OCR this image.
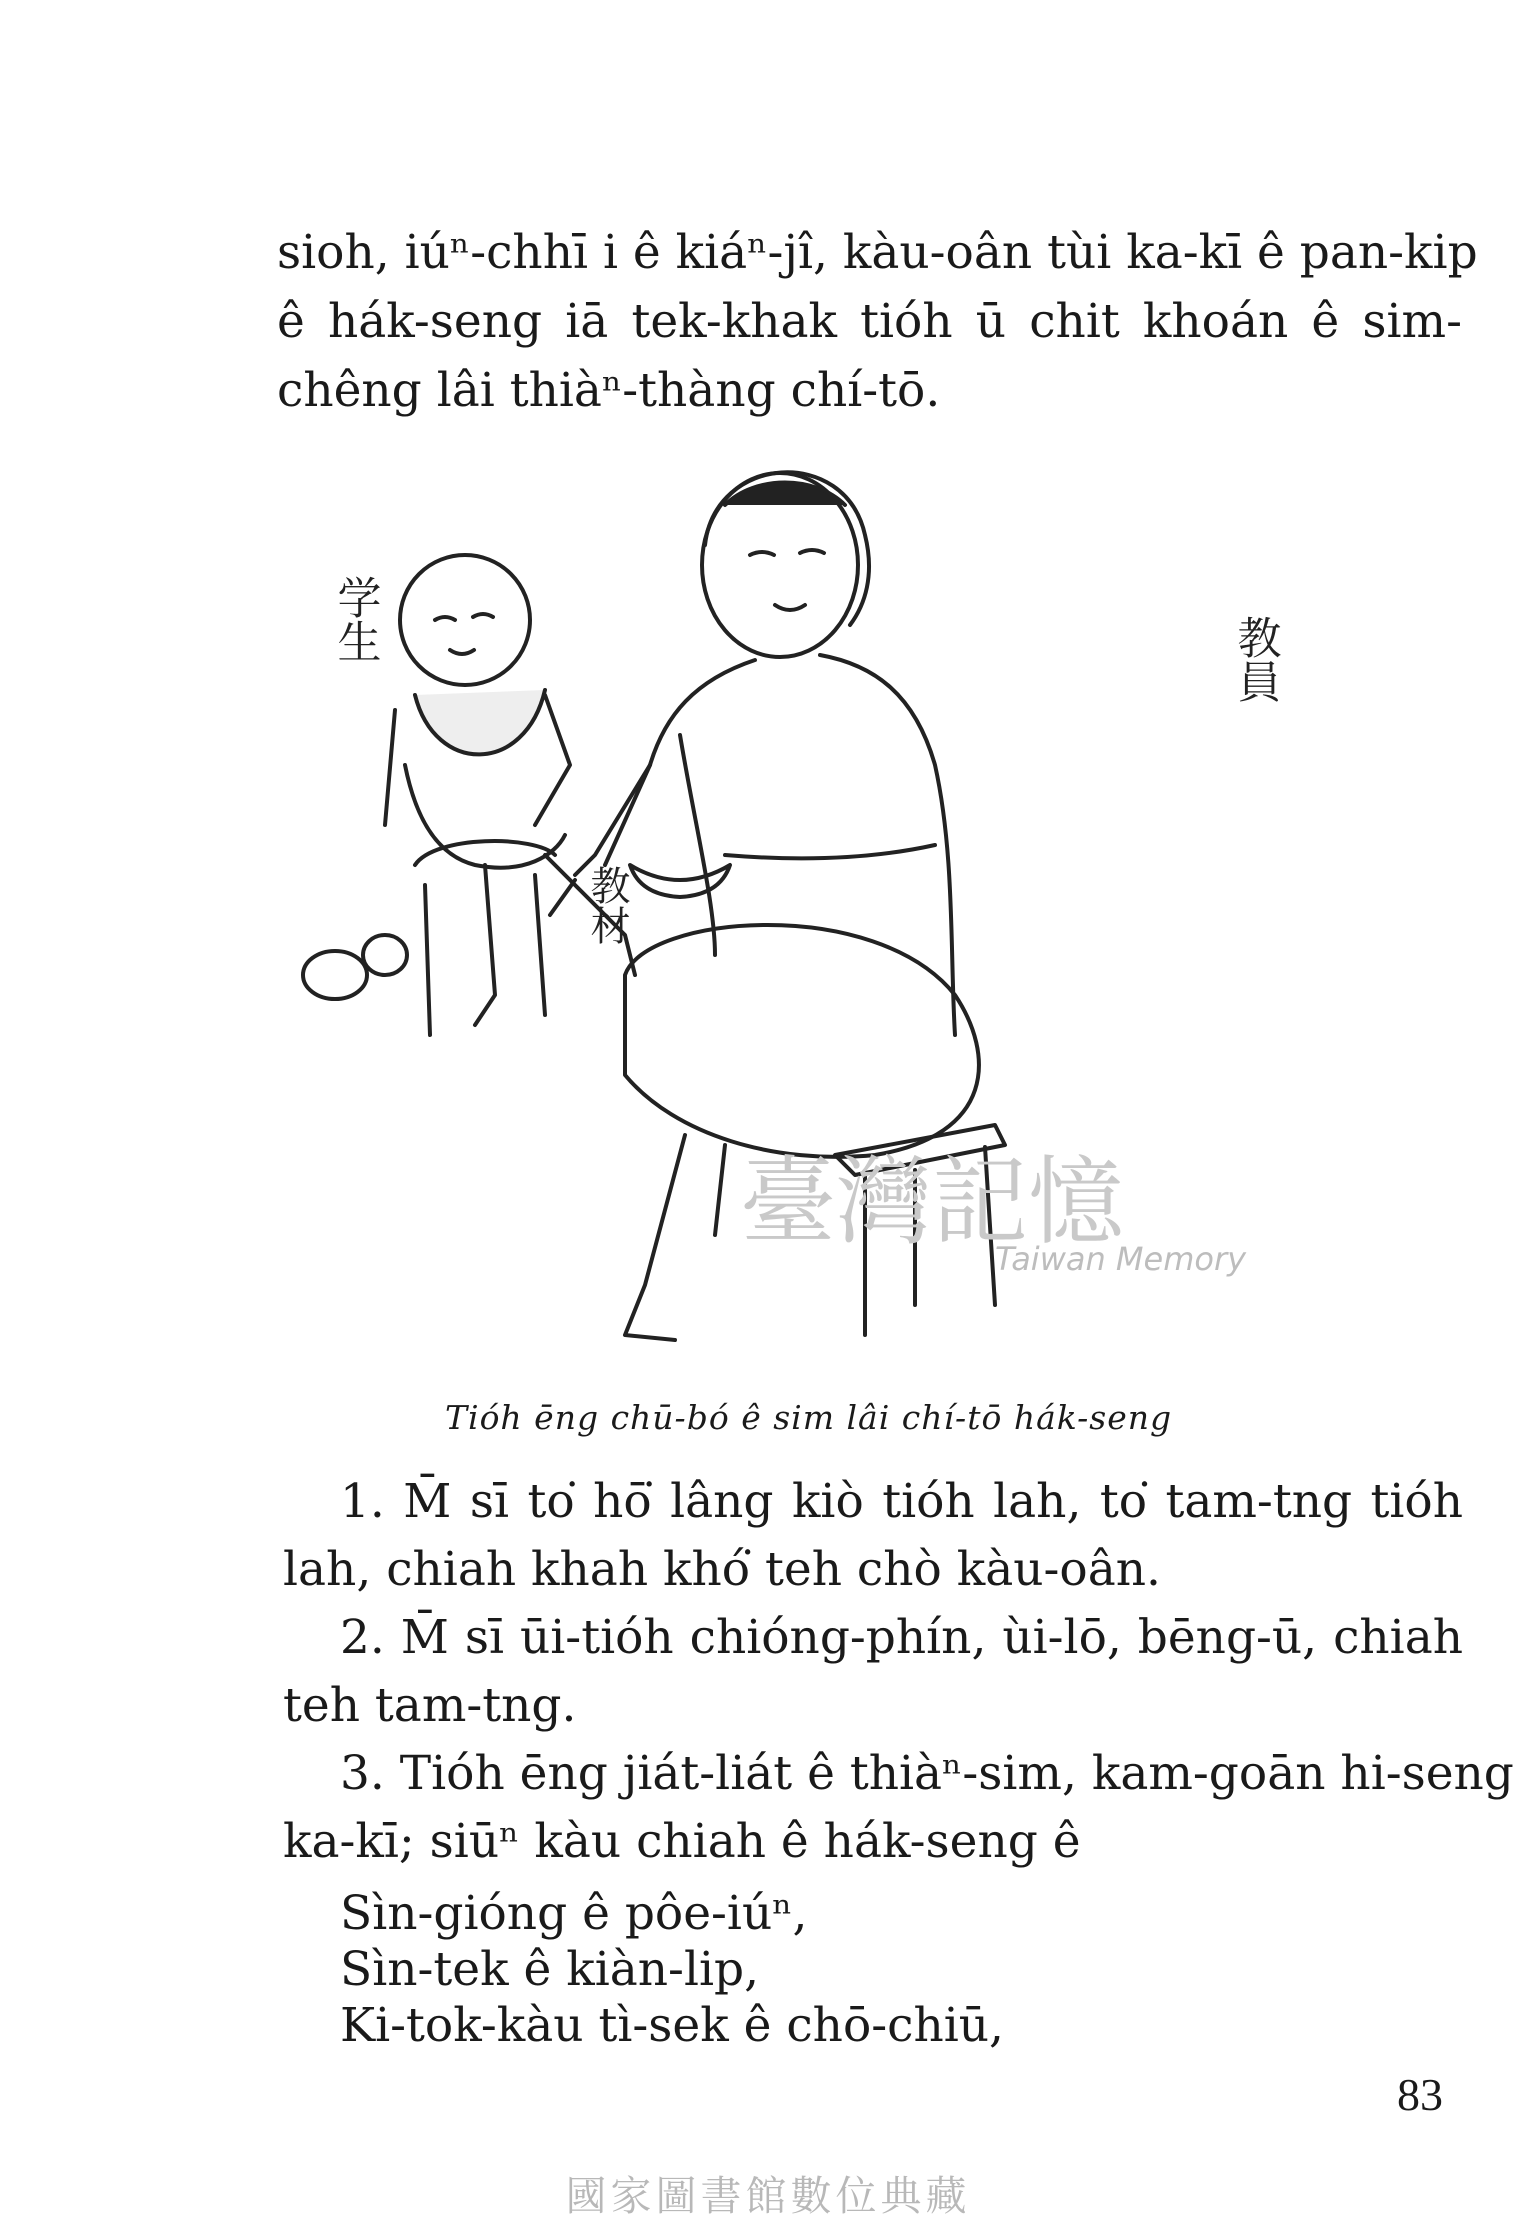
sioh, iúⁿ-chhī i ê kiáⁿ-jî, kàu-oân tùi ka-kī ê pan-kip
ê hák-seng iā tek-khak tióh ū chit khoán ê sim-
chêng lâi thiàⁿ-thàng chí-tō.

教員
学生
教材
臺灣記憶
Taiwan Memory
Tióh ēng chū-bó ê sim lâi chí-tō hák-seng
1. M̄ sī to͘ hō͘ lâng kiò tióh lah, to͘ tam-tng tióh
lah, chiah khah khó͘ teh chò kàu-oân.
2. M̄ sī ūi-tióh chióng-phín, ùi-lō, bēng-ū, chiah
teh tam-tng.
3. Tióh ēng jiát-liát ê thiàⁿ-sim, kam-goān hi-seng
ka-kī; siūⁿ kàu chiah ê hák-seng ê
Sìn-gióng ê pôe-iúⁿ,
Sìn-tek ê kiàn-lip,
Ki-tok-kàu tì-sek ê chō-chiū,
83
國家圖書館數位典藏
